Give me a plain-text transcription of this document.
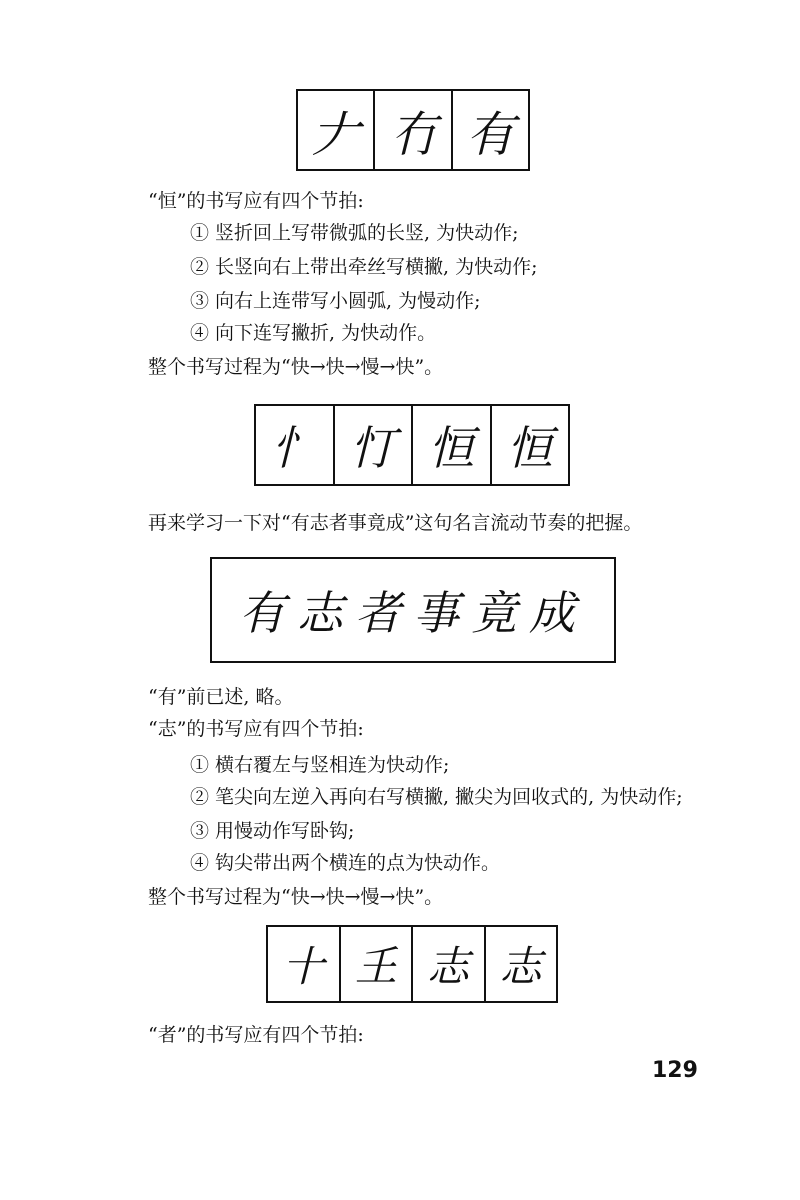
𠂇 冇 有
“恒”的书写应有四个节拍:
① 竖折回上写带微弧的长竖, 为快动作;
② 长竖向右上带出牵丝写横撇, 为快动作;
③ 向右上连带写小圆弧, 为慢动作;
④ 向下连写撇折, 为快动作。
整个书写过程为“快→快→慢→快”。
忄 忊 恒 恒
再来学习一下对“有志者事竟成”这句名言流动节奏的把握。
有志者事竟成
“有”前已述, 略。
“志”的书写应有四个节拍:
① 横右覆左与竖相连为快动作;
② 笔尖向左逆入再向右写横撇, 撇尖为回收式的, 为快动作;
③ 用慢动作写卧钩;
④ 钩尖带出两个横连的点为快动作。
整个书写过程为“快→快→慢→快”。
十 𡈼 志 志
“者”的书写应有四个节拍:
129
